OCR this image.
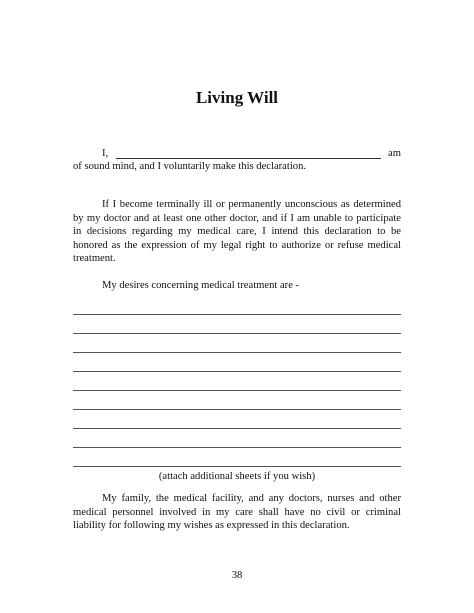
Living Will
I,	am
of sound mind, and I voluntarily make this declaration.
If I become terminally ill or permanently unconscious as determined by my doctor and at least one other doctor, and if I am unable to participate in decisions regarding my medical care, I intend this declaration to be honored as the expression of my legal right to authorize or refuse medical treatment.
My desires concerning medical treatment are -
(attach additional sheets if you wish)
My family, the medical facility, and any doctors, nurses and other medical personnel involved in my care shall have no civil or criminal liability for following my wishes as expressed in this declaration.
38
